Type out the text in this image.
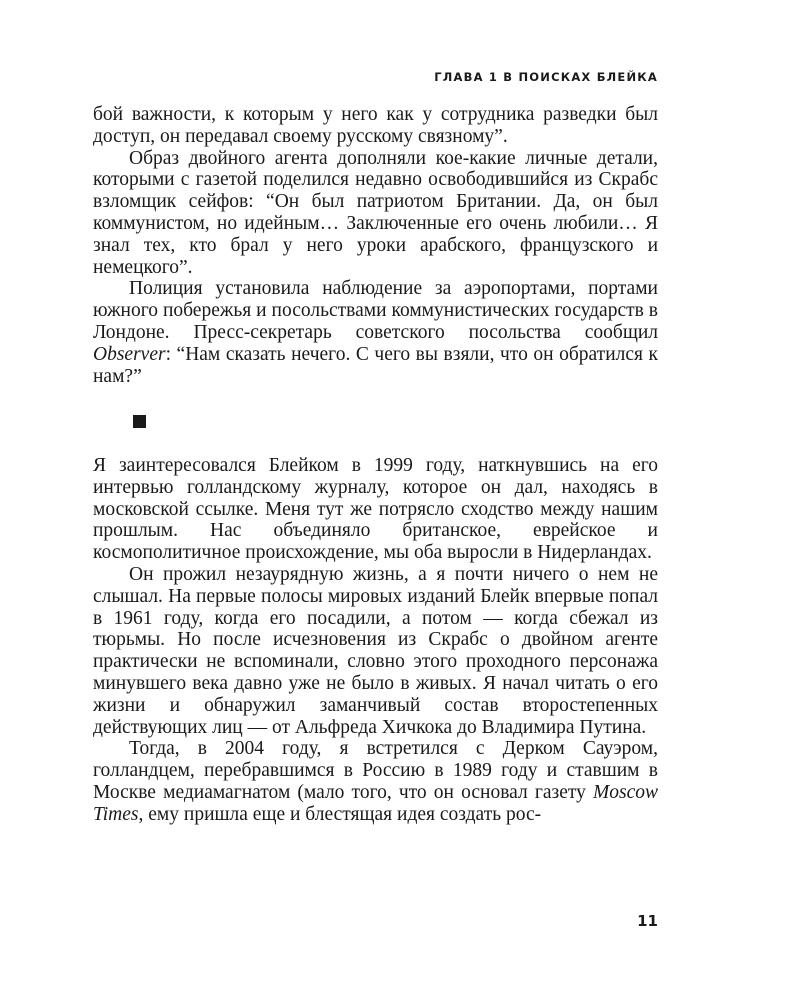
ГЛАВА 1 В ПОИСКАХ БЛЕЙКА

бой важности, к которым у него как у сотрудника разведки был доступ, он передавал своему русскому связному”.

Образ двойного агента дополняли кое-какие личные детали, которыми с газетой поделился недавно освободившийся из Скрабс взломщик сейфов: “Он был патриотом Британии. Да, он был коммунистом, но идейным… Заключенные его очень любили… Я знал тех, кто брал у него уроки арабского, французского и немецкого”.

Полиция установила наблюдение за аэропортами, портами южного побережья и посольствами коммунистических государств в Лондоне. Пресс-секретарь советского посольства сообщил Observer: “Нам сказать нечего. С чего вы взяли, что он обратился к нам?”

Я заинтересовался Блейком в 1999 году, наткнувшись на его интервью голландскому журналу, которое он дал, находясь в московской ссылке. Меня тут же потрясло сходство между нашим прошлым. Нас объединяло британское, еврейское и космополитичное происхождение, мы оба выросли в Нидерландах.

Он прожил незаурядную жизнь, а я почти ничего о нем не слышал. На первые полосы мировых изданий Блейк впервые попал в 1961 году, когда его посадили, а потом — когда сбежал из тюрьмы. Но после исчезновения из Скрабс о двойном агенте практически не вспоминали, словно этого проходного персонажа минувшего века давно уже не было в живых. Я начал читать о его жизни и обнаружил заманчивый состав второстепенных действующих лиц — от Альфреда Хичкока до Владимира Путина.

Тогда, в 2004 году, я встретился с Дерком Сауэром, голландцем, перебравшимся в Россию в 1989 году и ставшим в Москве медиамагнатом (мало того, что он основал газету Moscow Times, ему пришла еще и блестящая идея создать рос-

11
